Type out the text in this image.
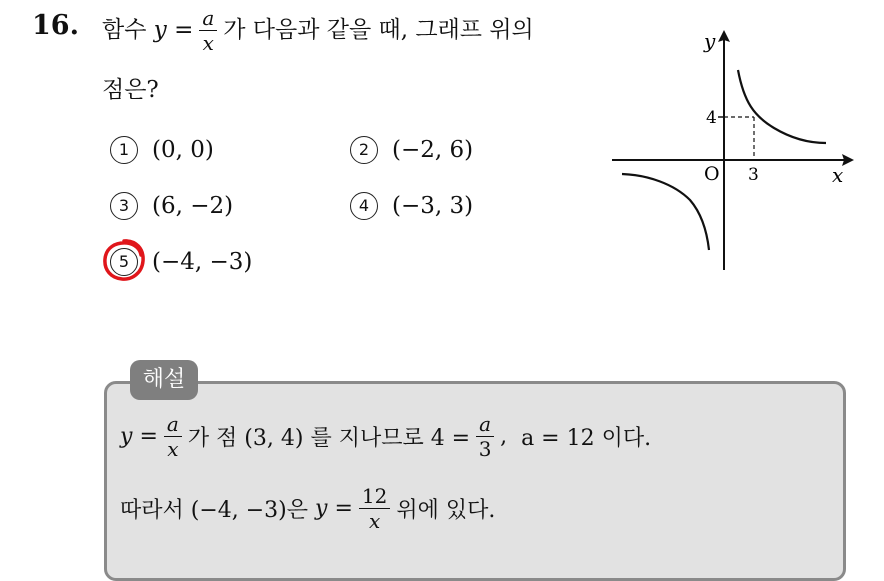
16. 함수
y
= $\frac{a}{x}$ 가 다음과 같을 때, 그래프 위의
점은?
1 (0, 0)	2 (−2, 6)
3 (6, −2)	4 (−3, 3)
5 (−4, −3)
y
x
O 3
4
해설
y
= $\frac{a}{x}$ 가 점 (3, 4) 를 지나므로 $4 = \frac{a}{3}$ ,
a = 12 이다.
따라서 (−4, −3)은
y
= $\frac{12}{x}$ 위에 있다.
